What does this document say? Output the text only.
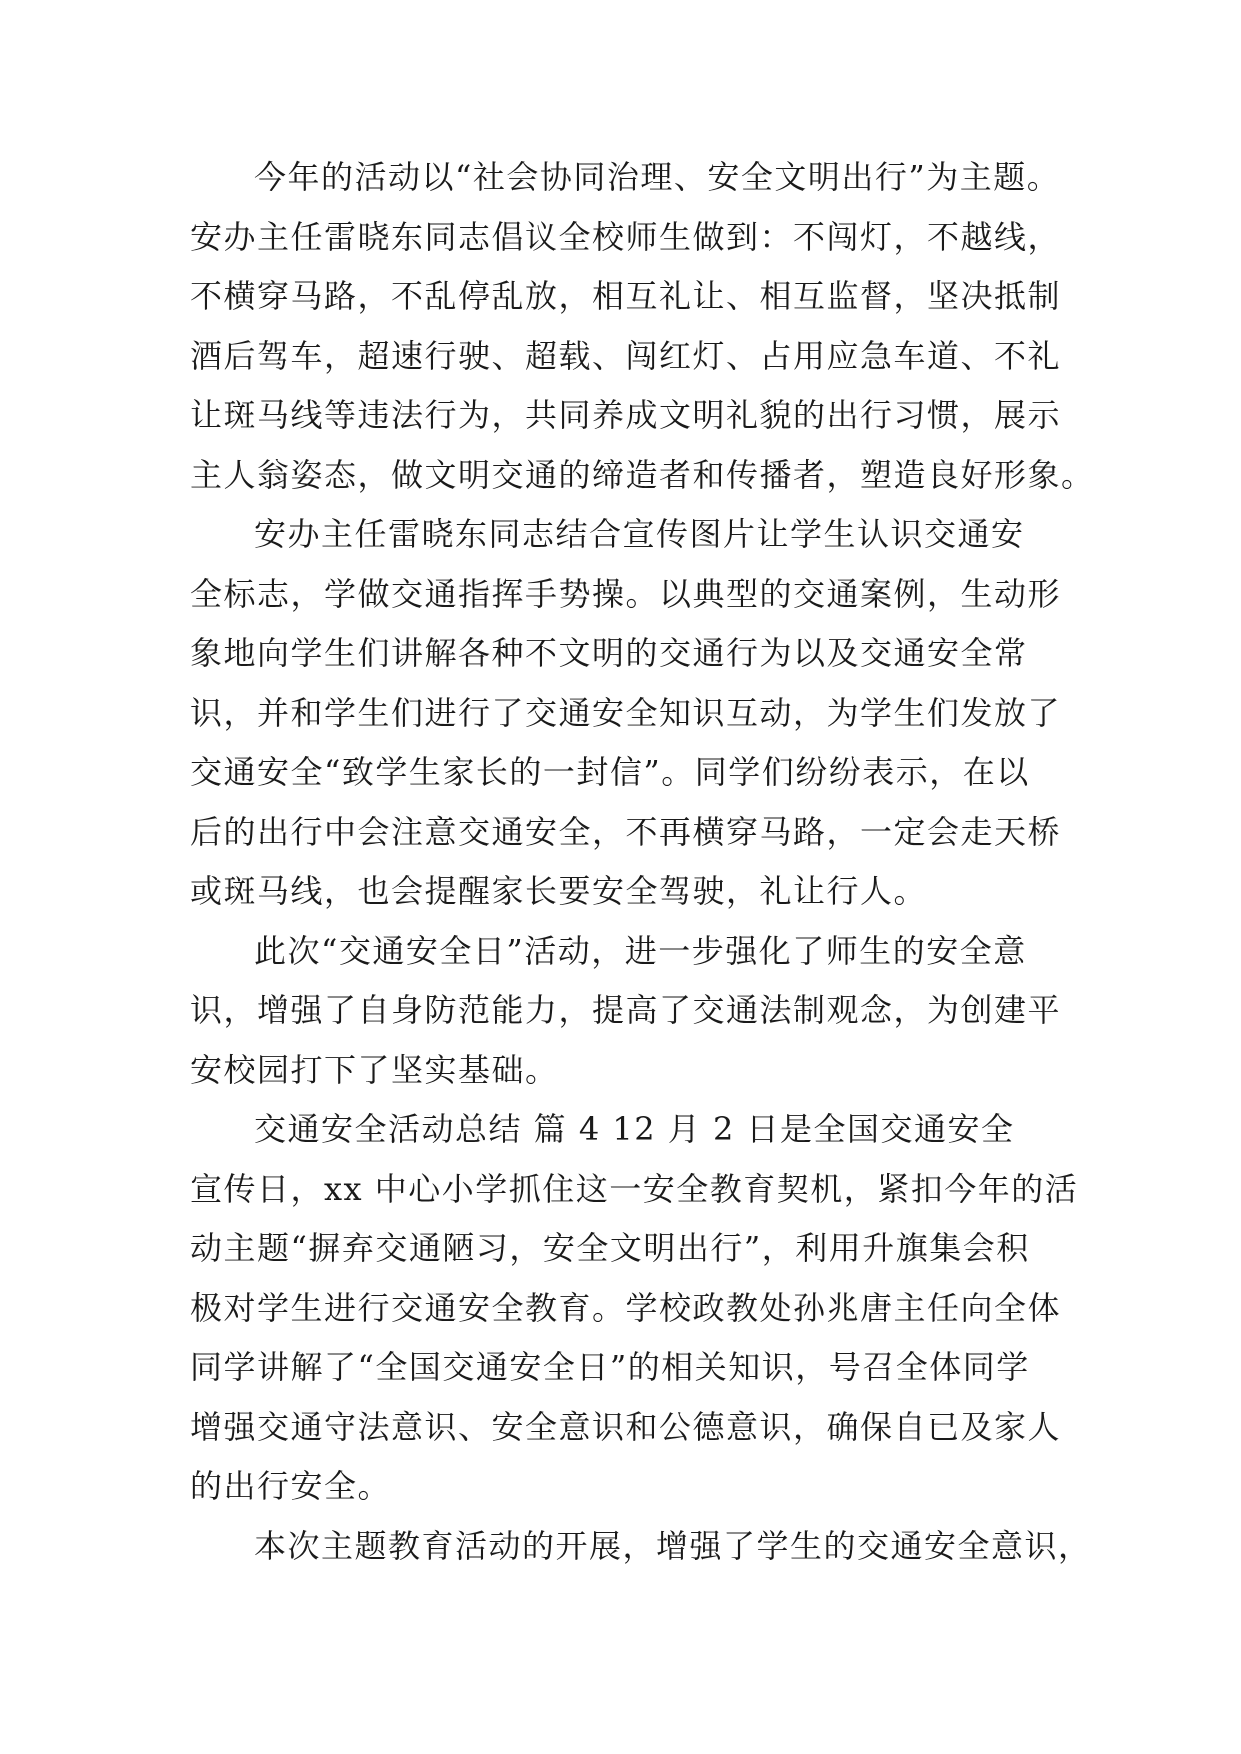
今年的活动以“社会协同治理、安全文明出行”为主题。
安办主任雷晓东同志倡议全校师生做到：不闯灯，不越线，
不横穿马路，不乱停乱放，相互礼让、相互监督，坚决抵制
酒后驾车，超速行驶、超载、闯红灯、占用应急车道、不礼
让斑马线等违法行为，共同养成文明礼貌的出行习惯，展示
主人翁姿态，做文明交通的缔造者和传播者，塑造良好形象。
安办主任雷晓东同志结合宣传图片让学生认识交通安
全标志，学做交通指挥手势操。以典型的交通案例，生动形
象地向学生们讲解各种不文明的交通行为以及交通安全常
识，并和学生们进行了交通安全知识互动，为学生们发放了
交通安全“致学生家长的一封信”。同学们纷纷表示，在以
后的出行中会注意交通安全，不再横穿马路，一定会走天桥
或斑马线，也会提醒家长要安全驾驶，礼让行人。
此次“交通安全日”活动，进一步强化了师生的安全意
识，增强了自身防范能力，提高了交通法制观念，为创建平
安校园打下了坚实基础。
交通安全活动总结 篇 4 12 月 2 日是全国交通安全
宣传日，xx 中心小学抓住这一安全教育契机，紧扣今年的活
动主题“摒弃交通陋习，安全文明出行”，利用升旗集会积
极对学生进行交通安全教育。学校政教处孙兆唐主任向全体
同学讲解了“全国交通安全日”的相关知识，号召全体同学
增强交通守法意识、安全意识和公德意识，确保自已及家人
的出行安全。
本次主题教育活动的开展，增强了学生的交通安全意识，
